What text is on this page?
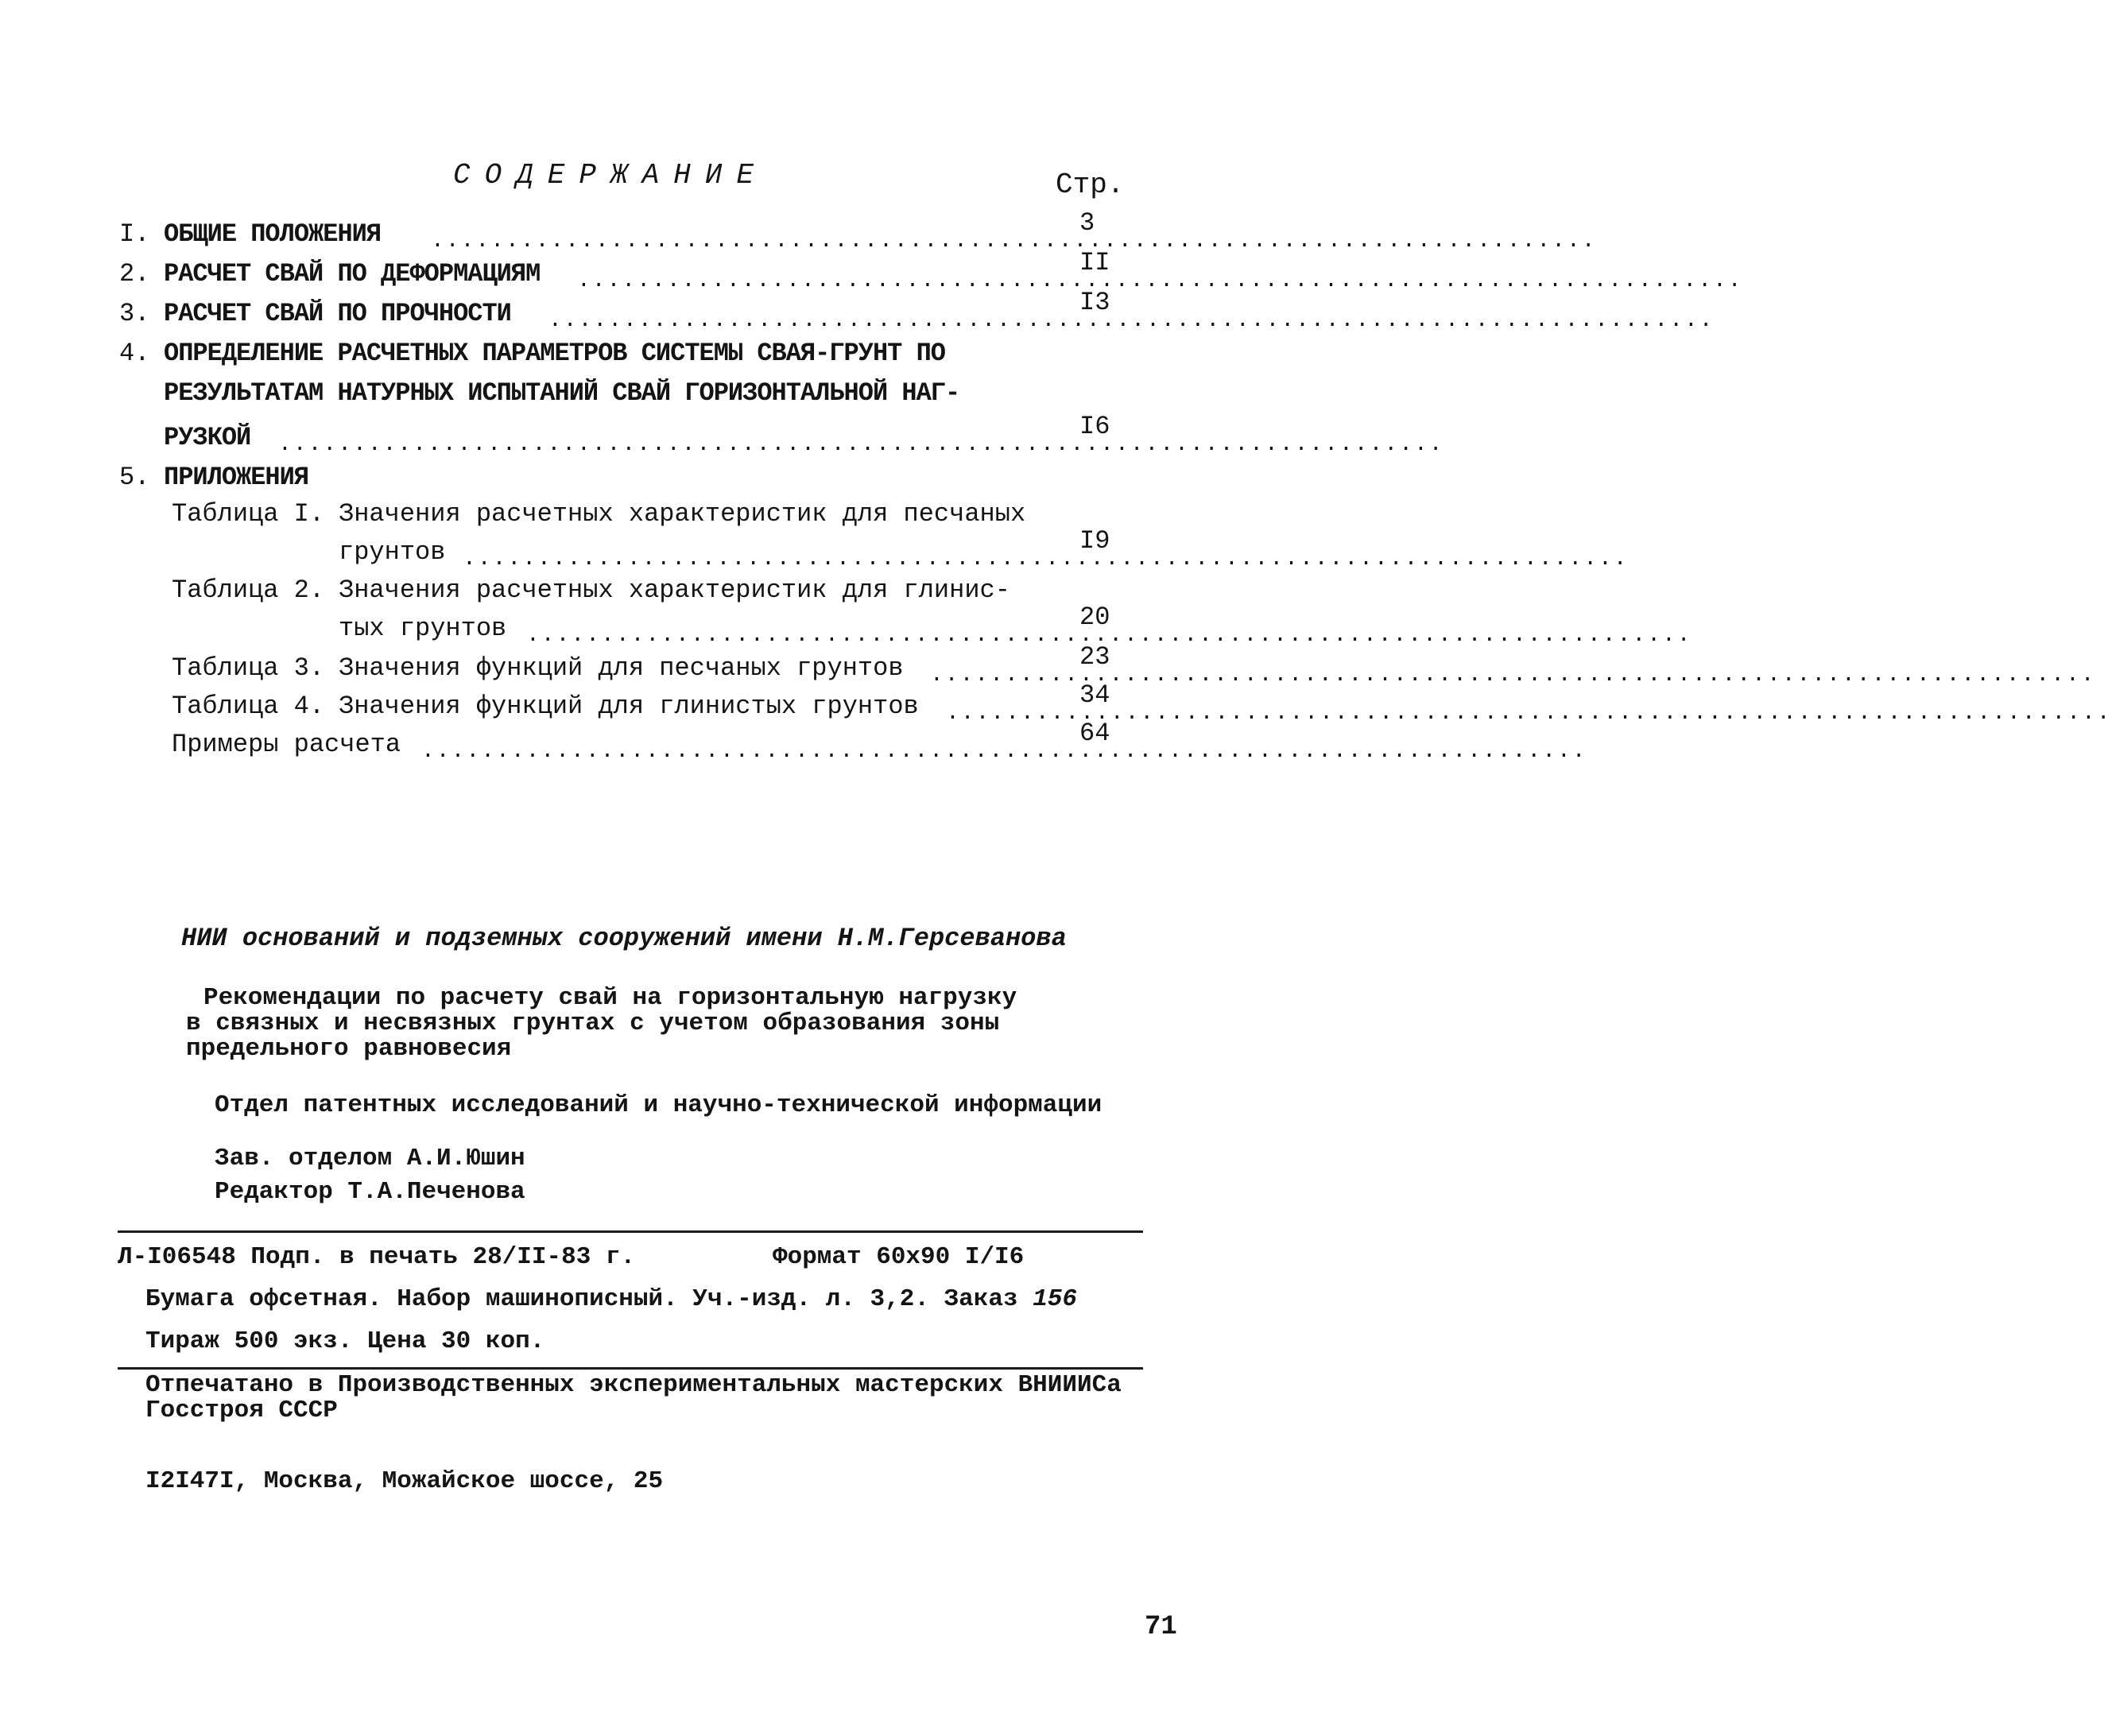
СОДЕРЖАНИЕ	Стр.
I. ОБЩИЕ ПОЛОЖЕНИЯ ..............................................................................
3
2. РАСЧЕТ СВАЙ ПО ДЕФОРМАЦИЯМ ..............................................................................
II
3. РАСЧЕТ СВАЙ ПО ПРОЧНОСТИ ..............................................................................
I3
4. ОПРЕДЕЛЕНИЕ РАСЧЕТНЫХ ПАРАМЕТРОВ СИСТЕМЫ СВАЯ-ГРУНТ ПО
РЕЗУЛЬТАТАМ НАТУРНЫХ ИСПЫТАНИЙ СВАЙ ГОРИЗОНТАЛЬНОЙ НАГ-
РУЗКОЙ ..............................................................................
I6
5. ПРИЛОЖЕНИЯ
Таблица I. Значения расчетных характеристик для песчаных
грунтов ..............................................................................
I9
Таблица 2. Значения расчетных характеристик для глинис-
тых грунтов ..............................................................................
20
Таблица 3. Значения функций для песчаных грунтов ..............................................................................
23
Таблица 4. Значения функций для глинистых грунтов ..............................................................................
34
Примеры расчета ..............................................................................
64
НИИ оснований и подземных сооружений имени Н.М.Герсеванова
Рекомендации по расчету свай на горизонтальную нагрузку
в связных и несвязных грунтах с учетом образования зоны
предельного равновесия
Отдел патентных исследований и научно-технической информации
Зав. отделом А.И.Юшин
Редактор Т.А.Печенова
Л-I06548 Подп. в печать 28/II-83 г.	Формат 60х90 I/I6
Бумага офсетная. Набор машинописный. Уч.-изд. л. 3,2. Заказ 156
Тираж 500 экз. Цена 30 коп.
Отпечатано в Производственных экспериментальных мастерских ВНИИИСа
Госстроя СССР
I2I47I, Москва, Можайское шоссе, 25
71
